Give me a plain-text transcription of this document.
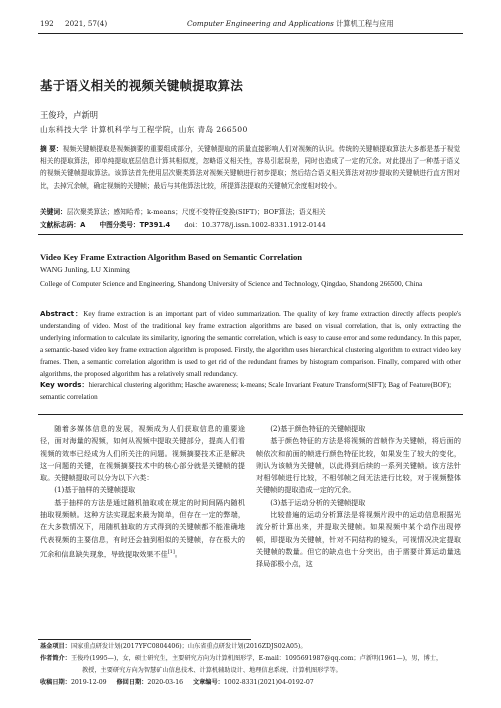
192 2021, 57(4)	Computer Engineering and Applications 计算机工程与应用
基于语义相关的视频关键帧提取算法
王俊玲，卢新明
山东科技大学 计算机科学与工程学院，山东 青岛 266500
摘 要：视频关键帧提取是视频摘要的重要组成部分，关键帧提取的质量直接影响人们对视频的认识。传统的关键帧提取算法大多都是基于视觉相关的提取算法，即单纯提取底层信息计算其相似度，忽略语义相关性，容易引起误差，同时也造成了一定的冗余。对此提出了一种基于语义的视频关键帧提取算法。该算法首先使用层次聚类算法对视频关键帧进行初步提取；然后结合语义相关算法对初步提取的关键帧进行直方图对比，去掉冗余帧，确定视频的关键帧；最后与其他算法比较，所提算法提取的关键帧冗余度相对较小。
关键词：层次聚类算法；感知哈希；k-means；尺度不变特征变换(SIFT)；BOF算法；语义相关
文献标志码：A 中图分类号：TP391.4 doi：10.3778/j.issn.1002-8331.1912-0144
Video Key Frame Extraction Algorithm Based on Semantic Correlation
WANG Junling, LU Xinming
College of Computer Science and Engineering, Shandong University of Science and Technology, Qingdao, Shandong 266500, China
Abstract：Key frame extraction is an important part of video summarization. The quality of key frame extraction directly affects people's understanding of video. Most of the traditional key frame extraction algorithms are based on visual correlation, that is, only extracting the underlying information to calculate its similarity, ignoring the semantic correlation, which is easy to cause error and some redundancy. In this paper, a semantic-based video key frame extraction algorithm is proposed. Firstly, the algorithm uses hierarchical clustering algorithm to extract video key frames. Then, a semantic correlation algorithm is used to get rid of the redundant frames by histogram comparison. Finally, compared with other algorithms, the proposed algorithm has a relatively small redundancy.
Key words：hierarchical clustering algorithm; Hasche awareness; k-means; Scale Invariant Feature Transform(SIFT); Bag of Feature(BOF); semantic correlation

随着多媒体信息的发展，视频成为人们获取信息的重要途径，面对海量的视频，如何从视频中提取关键部分，提高人们看视频的效率已经成为人们所关注的问题。视频摘要技术正是解决这一问题的关键，在视频摘要技术中的核心部分就是关键帧的提取。关键帧提取可以分为以下六类：

(1)基于抽样的关键帧提取

基于抽样的方法是通过随机抽取或在规定的时间间隔内随机抽取视频帧。这种方法实现起来最为简单，但存在一定的弊端，在大多数情况下，用随机抽取的方式得到的关键帧都不能准确地代表视频的主要信息，有时还会抽到相似的关键帧，存在极大的冗余和信息缺失现象，导致提取效果不佳[1]。

(2)基于颜色特征的关键帧提取

基于颜色特征的方法是将视频的首帧作为关键帧，将后面的帧依次和前面的帧进行颜色特征比较，如果发生了较大的变化，则认为该帧为关键帧，以此得到后续的一系列关键帧。该方法针对相邻帧进行比较，不相邻帧之间无法进行比较，对于视频整体关键帧的提取造成一定的冗余。

(3)基于运动分析的关键帧提取

比较普遍的运动分析算法是将视频片段中的运动信息根据光流分析计算出来，并提取关键帧。如果视频中某个动作出现停顿，即提取为关键帧，针对不同结构的镜头，可视情况决定提取关键帧的数量。但它的缺点也十分突出，由于需要计算运动量选择局部极小点，这

基金项目：国家重点研发计划(2017YFC0804406)；山东省重点研发计划(2016ZDJS02A05)。
作者简介：王俊玲(1995—)，女，硕士研究生，主要研究方向为计算机图形学，E-mail：1095691987@qq.com；卢新明(1961—)，男，博士，
教授，主要研究方向为智慧矿山信息技术、计算机辅助设计、地理信息系统、计算机图形学等。
收稿日期：2019-12-09 修回日期：2020-03-16 文章编号：1002-8331(2021)04-0192-07
